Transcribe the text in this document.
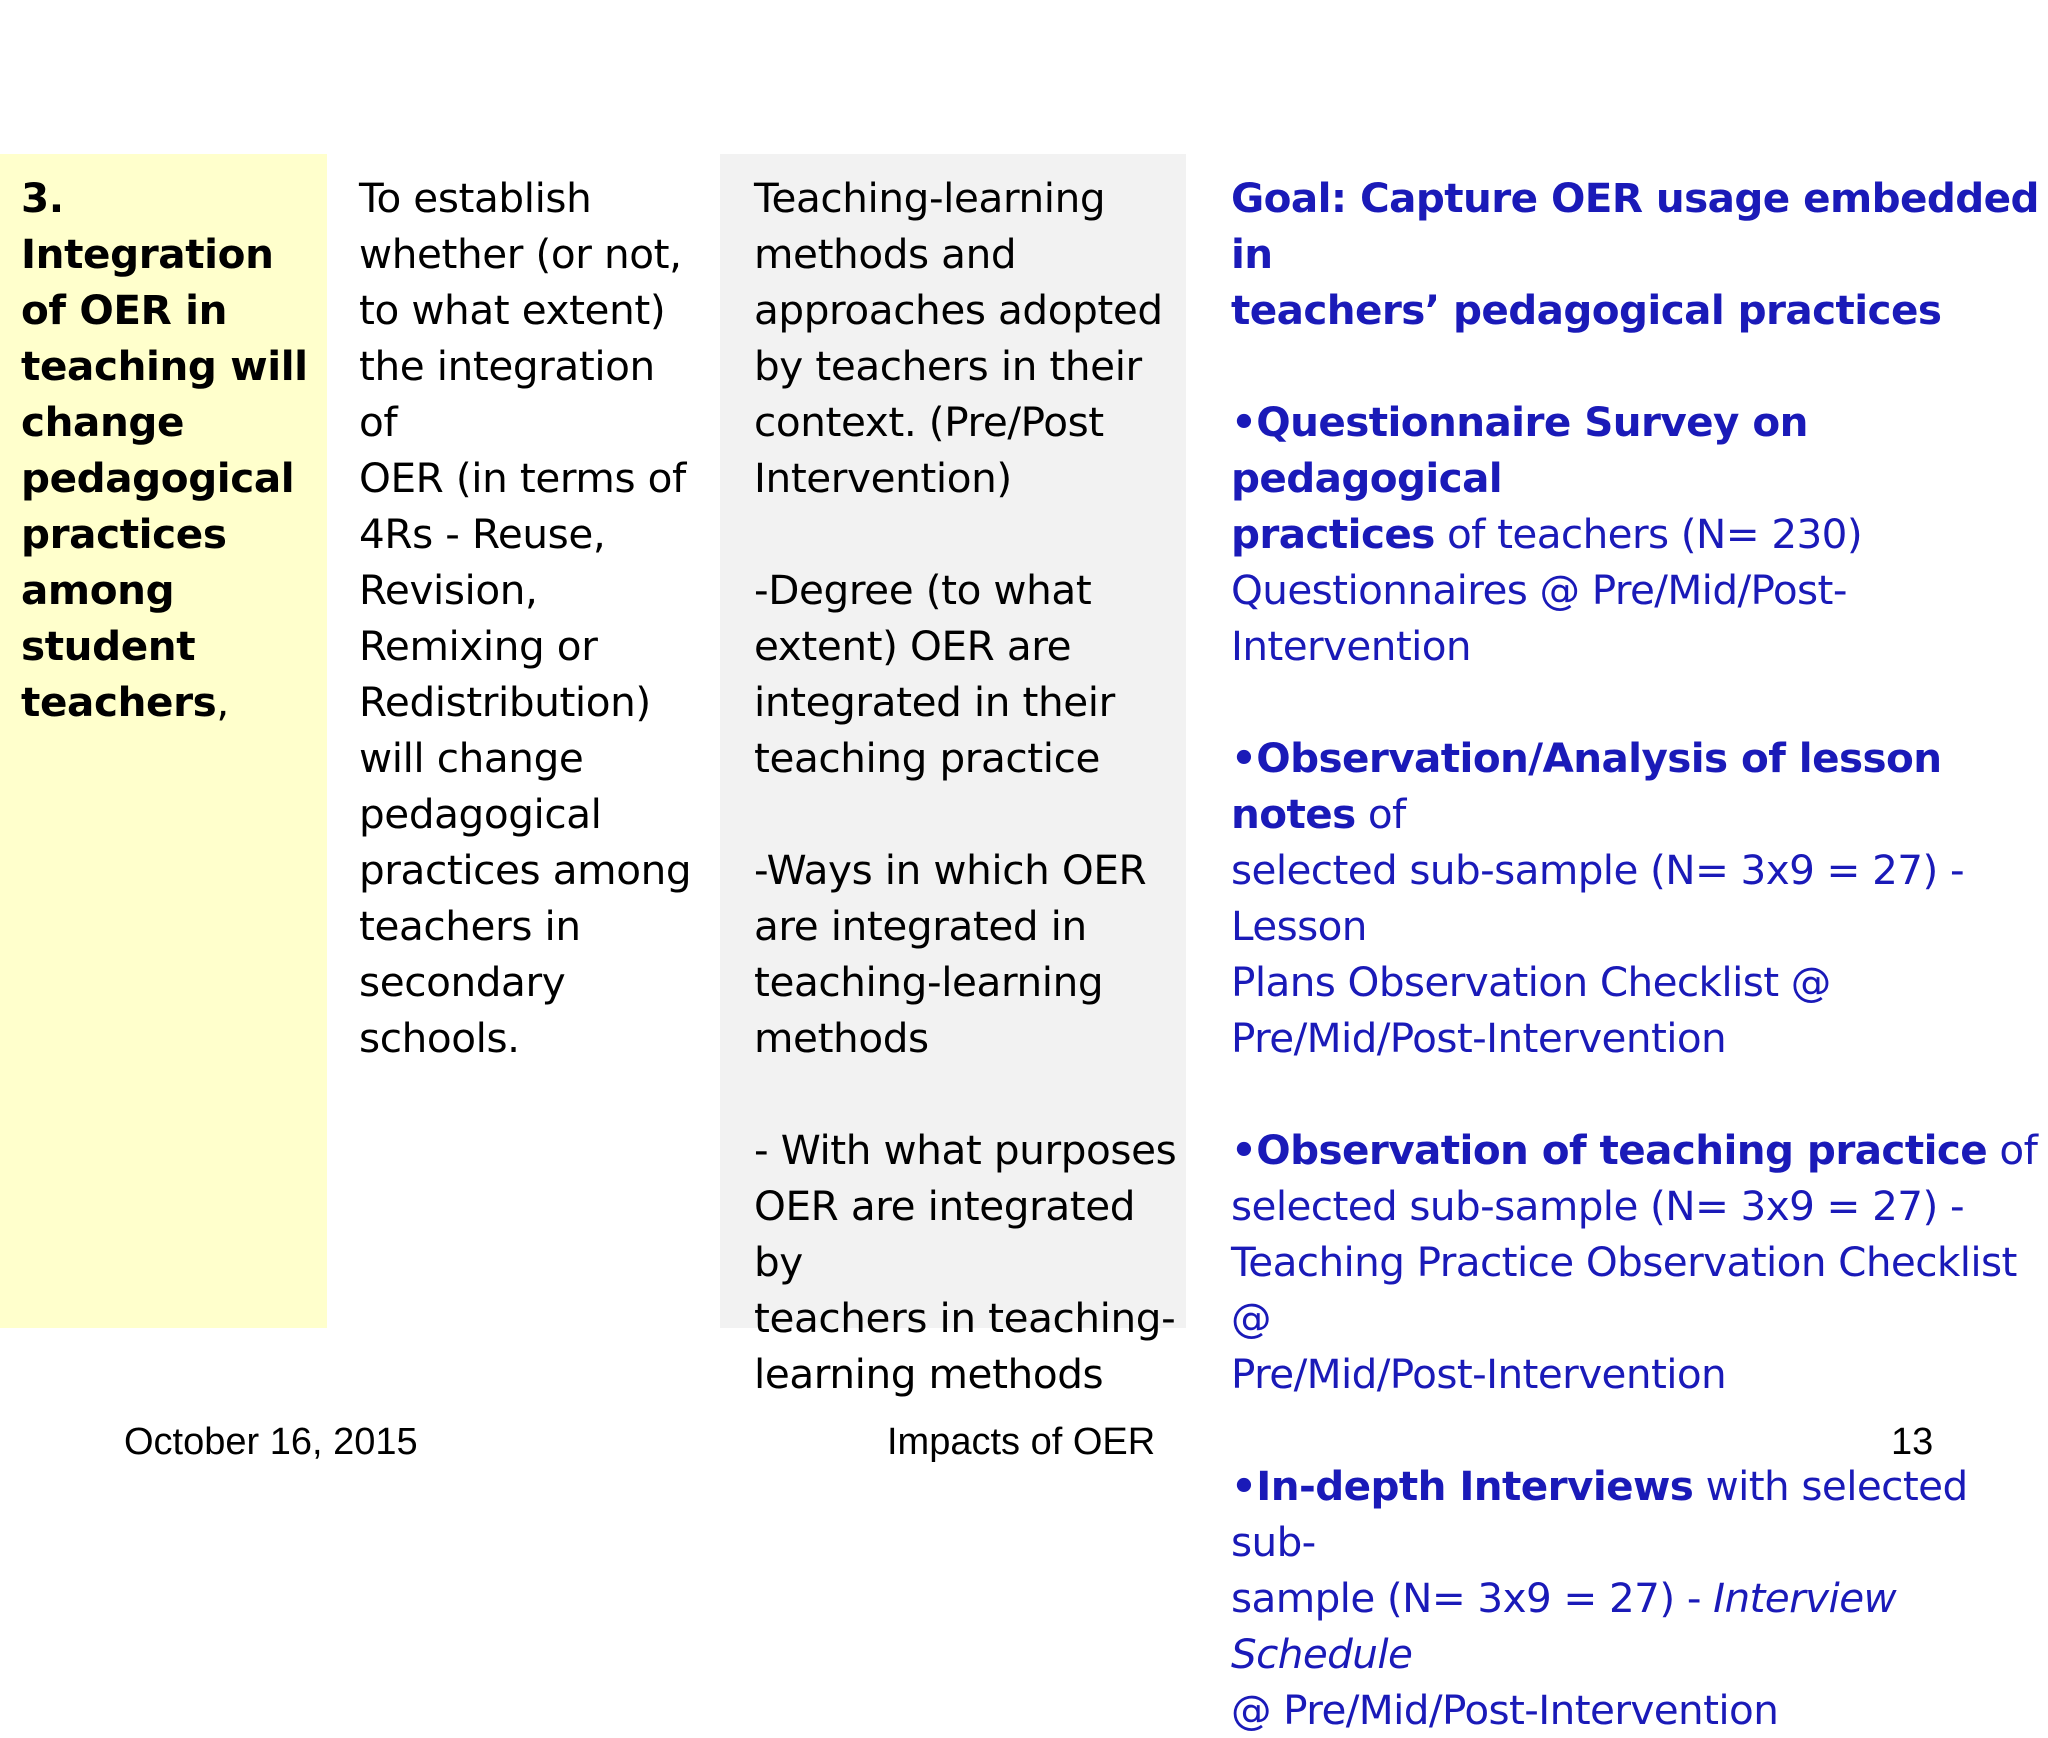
3. Integration

of OER in

teaching will

change

pedagogical

practices

among

student

teachers,

To establish

whether (or not,

to what extent)

the integration of

OER (in terms of

4Rs - Reuse,

Revision,

Remixing or

Redistribution)

will change

pedagogical

practices among

teachers in

secondary

schools.

Teaching-learning

methods and

approaches adopted

by teachers in their

context. (Pre/Post

Intervention)

-Degree (to what

extent) OER are

integrated in their

teaching practice

-Ways in which OER

are integrated in

teaching-learning

methods

- With what purposes

OER are integrated by

teachers in teaching-

learning methods

Goal: Capture OER usage embedded in

teachers’ pedagogical practices

•Questionnaire Survey on pedagogical

practices of teachers (N= 230)

Questionnaires @ Pre/Mid/Post-

Intervention

•Observation/Analysis of lesson notes of

selected sub-sample (N= 3x9 = 27) - Lesson

Plans Observation Checklist @

Pre/Mid/Post-Intervention

•Observation of teaching practice of

selected sub-sample (N= 3x9 = 27) -

Teaching Practice Observation Checklist @

Pre/Mid/Post-Intervention

•In-depth Interviews with selected sub-

sample (N= 3x9 = 27) - Interview Schedule

@ Pre/Mid/Post-Intervention

October 16, 2015	Impacts of OER	13
